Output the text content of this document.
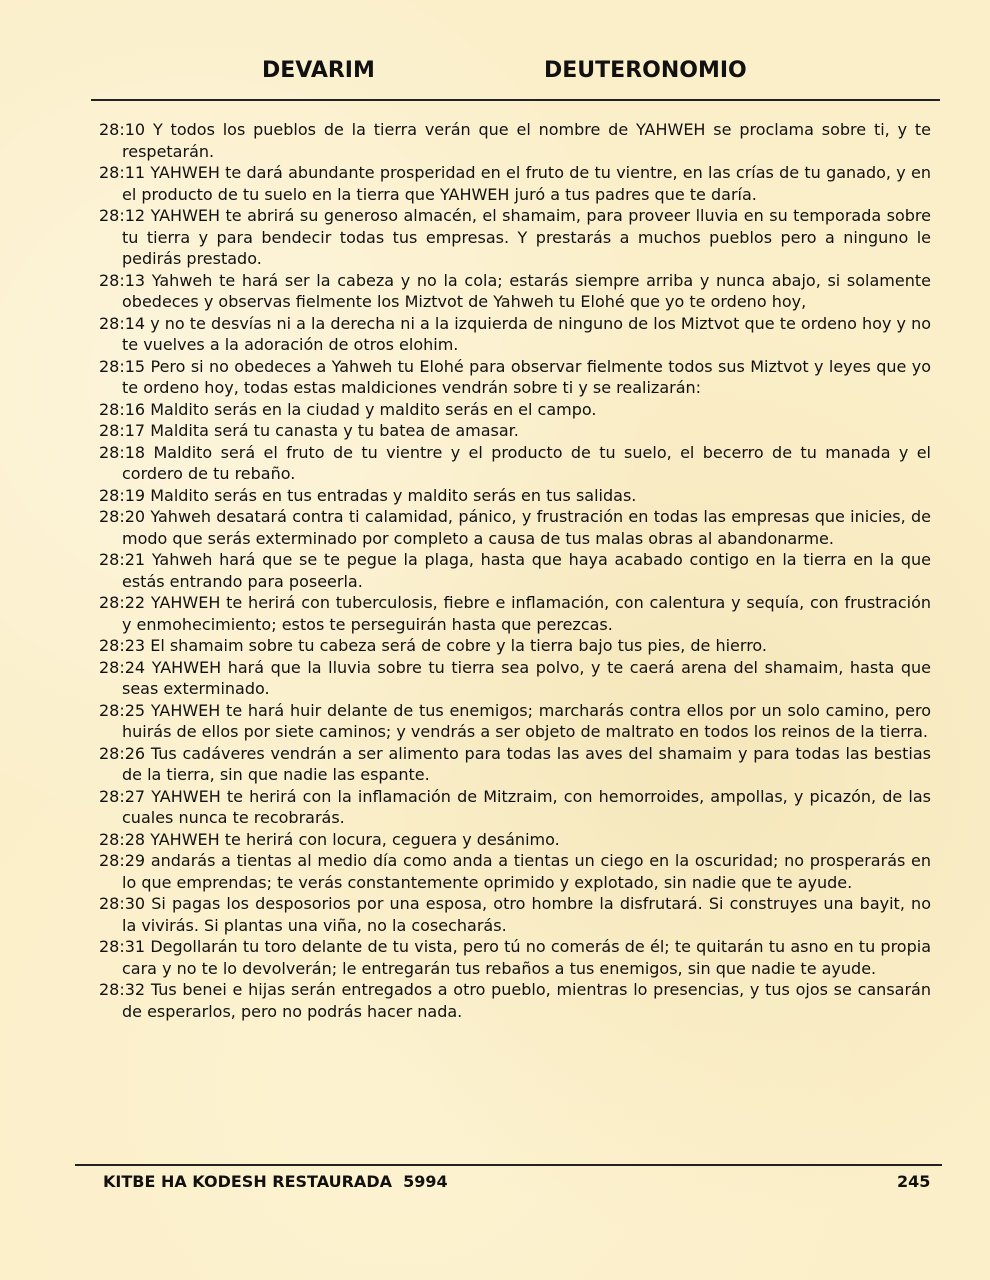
DEVARIM	DEUTERONOMIO

28:10 Y todos los pueblos de la tierra verán que el nombre de YAHWEH se proclama sobre ti, y te respetarán.

28:11 YAHWEH te dará abundante prosperidad en el fruto de tu vientre, en las crías de tu ganado, y en el producto de tu suelo en la tierra que YAHWEH juró a tus padres que te daría.

28:12 YAHWEH te abrirá su generoso almacén, el shamaim, para proveer lluvia en su temporada sobre tu tierra y para bendecir todas tus empresas. Y prestarás a muchos pueblos pero a ninguno le pedirás prestado.

28:13 Yahweh te hará ser la cabeza y no la cola; estarás siempre arriba y nunca abajo, si solamente obedeces y observas fielmente los Miztvot de Yahweh tu Elohé que yo te ordeno hoy,

28:14 y no te desvías ni a la derecha ni a la izquierda de ninguno de los Miztvot que te ordeno hoy y no te vuelves a la adoración de otros elohim.

28:15 Pero si no obedeces a Yahweh tu Elohé para observar fielmente todos sus Miztvot y leyes que yo te ordeno hoy, todas estas maldiciones vendrán sobre ti y se realizarán:

28:16 Maldito serás en la ciudad y maldito serás en el campo.

28:17 Maldita será tu canasta y tu batea de amasar.

28:18 Maldito será el fruto de tu vientre y el producto de tu suelo, el becerro de tu manada y el cordero de tu rebaño.

28:19 Maldito serás en tus entradas y maldito serás en tus salidas.

28:20 Yahweh desatará contra ti calamidad, pánico, y frustración en todas las empresas que inicies, de modo que serás exterminado por completo a causa de tus malas obras al abandonarme.

28:21 Yahweh hará que se te pegue la plaga, hasta que haya acabado contigo en la tierra en la que estás entrando para poseerla.

28:22 YAHWEH te herirá con tuberculosis, fiebre e inflamación, con calentura y sequía, con frustración y enmohecimiento; estos te perseguirán hasta que perezcas.

28:23 El shamaim sobre tu cabeza será de cobre y la tierra bajo tus pies, de hierro.

28:24 YAHWEH hará que la lluvia sobre tu tierra sea polvo, y te caerá arena del shamaim, hasta que seas exterminado.

28:25 YAHWEH te hará huir delante de tus enemigos; marcharás contra ellos por un solo camino, pero huirás de ellos por siete caminos; y vendrás a ser objeto de maltrato en todos los reinos de la tierra.

28:26 Tus cadáveres vendrán a ser alimento para todas las aves del shamaim y para todas las bestias de la tierra, sin que nadie las espante.

28:27 YAHWEH te herirá con la inflamación de Mitzraim, con hemorroides, ampollas, y picazón, de las cuales nunca te recobrarás.

28:28 YAHWEH te herirá con locura, ceguera y desánimo.

28:29 andarás a tientas al medio día como anda a tientas un ciego en la oscuridad; no prosperarás en lo que emprendas; te verás constantemente oprimido y explotado, sin nadie que te ayude.

28:30 Si pagas los desposorios por una esposa, otro hombre la disfrutará. Si construyes una bayit, no la vivirás. Si plantas una viña, no la cosecharás.

28:31 Degollarán tu toro delante de tu vista, pero tú no comerás de él; te quitarán tu asno en tu propia cara y no te lo devolverán; le entregarán tus rebaños a tus enemigos, sin que nadie te ayude.

28:32 Tus benei e hijas serán entregados a otro pueblo, mientras lo presencias, y tus ojos se cansarán de esperarlos, pero no podrás hacer nada.

KITBE HA KODESH RESTAURADA  5994	245
